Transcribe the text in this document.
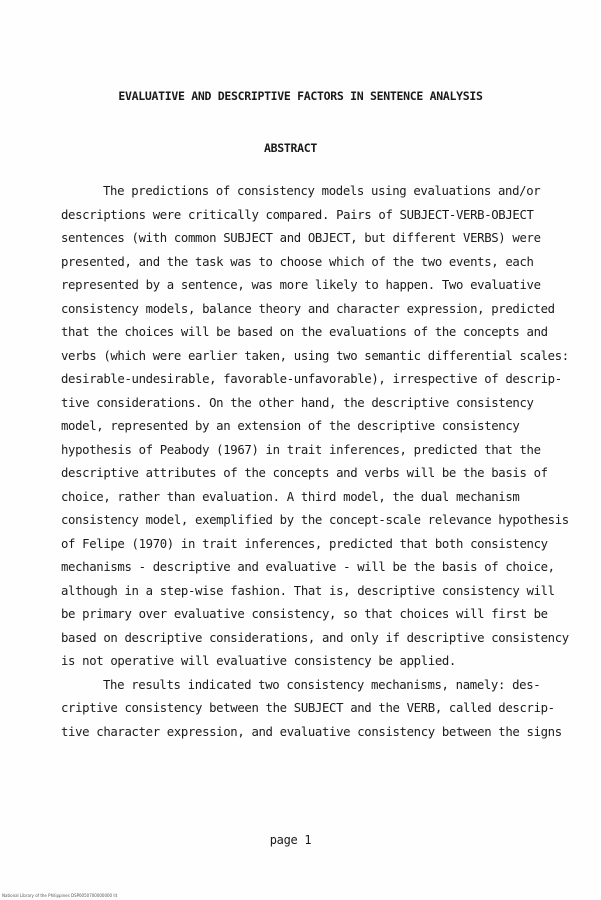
EVALUATIVE AND DESCRIPTIVE FACTORS IN SENTENCE ANALYSIS
ABSTRACT
The predictions of consistency models using evaluations and/or
descriptions were critically compared. Pairs of SUBJECT-VERB-OBJECT
sentences (with common SUBJECT and OBJECT, but different VERBS) were
presented, and the task was to choose which of the two events, each
represented by a sentence, was more likely to happen. Two evaluative
consistency models, balance theory and character expression, predicted
that the choices will be based on the evaluations of the concepts and
verbs (which were earlier taken, using two semantic differential scales:
desirable-undesirable, favorable-unfavorable), irrespective of descrip-
tive considerations. On the other hand, the descriptive consistency
model, represented by an extension of the descriptive consistency
hypothesis of Peabody (1967) in trait inferences, predicted that the
descriptive attributes of the concepts and verbs will be the basis of
choice, rather than evaluation. A third model, the dual mechanism
consistency model, exemplified by the concept-scale relevance hypothesis
of Felipe (1970) in trait inferences, predicted that both consistency
mechanisms - descriptive and evaluative - will be the basis of choice,
although in a step-wise fashion. That is, descriptive consistency will
be primary over evaluative consistency, so that choices will first be
based on descriptive considerations, and only if descriptive consistency
is not operative will evaluative consistency be applied.
The results indicated two consistency mechanisms, namely: des-
criptive consistency between the SUBJECT and the VERB, called descrip-
tive character expression, and evaluative consistency between the signs
page 1
National Library of the Philippines DSP0050700000000 lit
